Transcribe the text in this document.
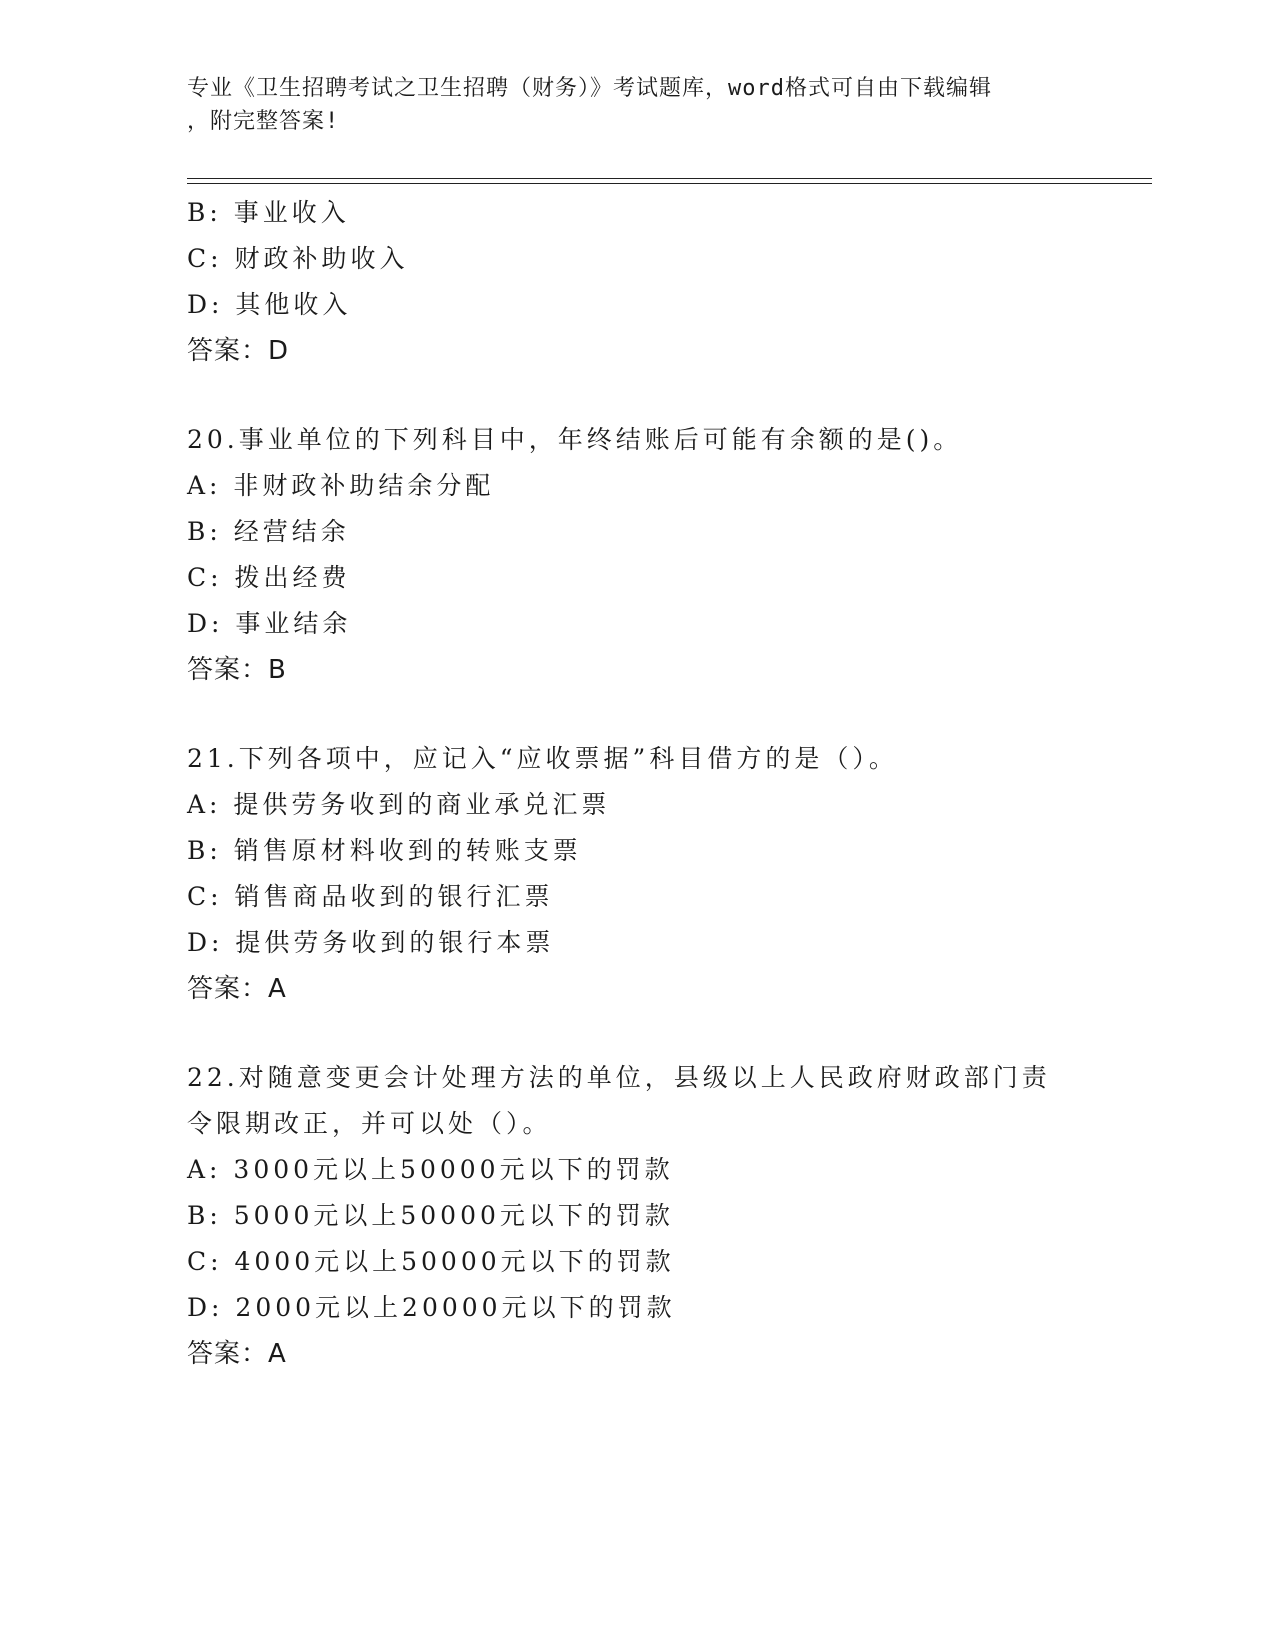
专业《卫生招聘考试之卫生招聘（财务）》考试题库，word格式可自由下载编辑
，附完整答案!
B: 事业收入
C: 财政补助收入
D: 其他收入
答案：D
20.事业单位的下列科目中，年终结账后可能有余额的是()。
A: 非财政补助结余分配
B: 经营结余
C: 拨出经费
D: 事业结余
答案：B
21.下列各项中，应记入“应收票据”科目借方的是（）。
A: 提供劳务收到的商业承兑汇票
B: 销售原材料收到的转账支票
C: 销售商品收到的银行汇票
D: 提供劳务收到的银行本票
答案：A
22.对随意变更会计处理方法的单位，县级以上人民政府财政部门责令限期改正，并可以处（）。
A: 3000元以上50000元以下的罚款
B: 5000元以上50000元以下的罚款
C: 4000元以上50000元以下的罚款
D: 2000元以上20000元以下的罚款
答案：A
